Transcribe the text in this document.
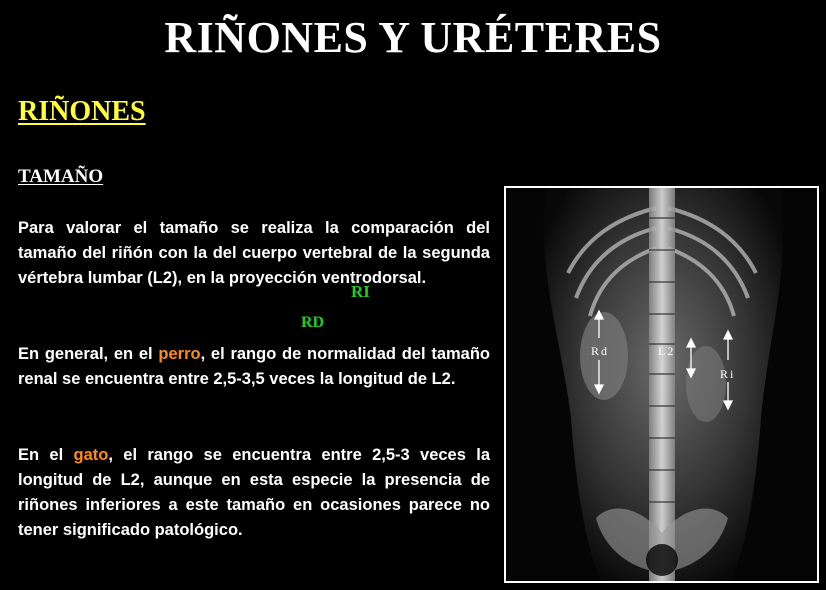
RIÑONES Y URÉTERES
RIÑONES
TAMAÑO
Para valorar el tamaño se realiza la comparación del tamaño del riñón con la del cuerpo vertebral de la segunda vértebra lumbar (L2), en la proyección ventrodorsal.
En general, en el perro, el rango de normalidad del tamaño renal se encuentra entre 2,5-3,5 veces la longitud de L2.
En el gato, el rango se encuentra entre 2,5-3 veces la longitud de L2, aunque en esta especie la presencia de riñones inferiores a este tamaño en ocasiones parece no tener significado patológico.
RI
RD
Rd	L2
Ri
